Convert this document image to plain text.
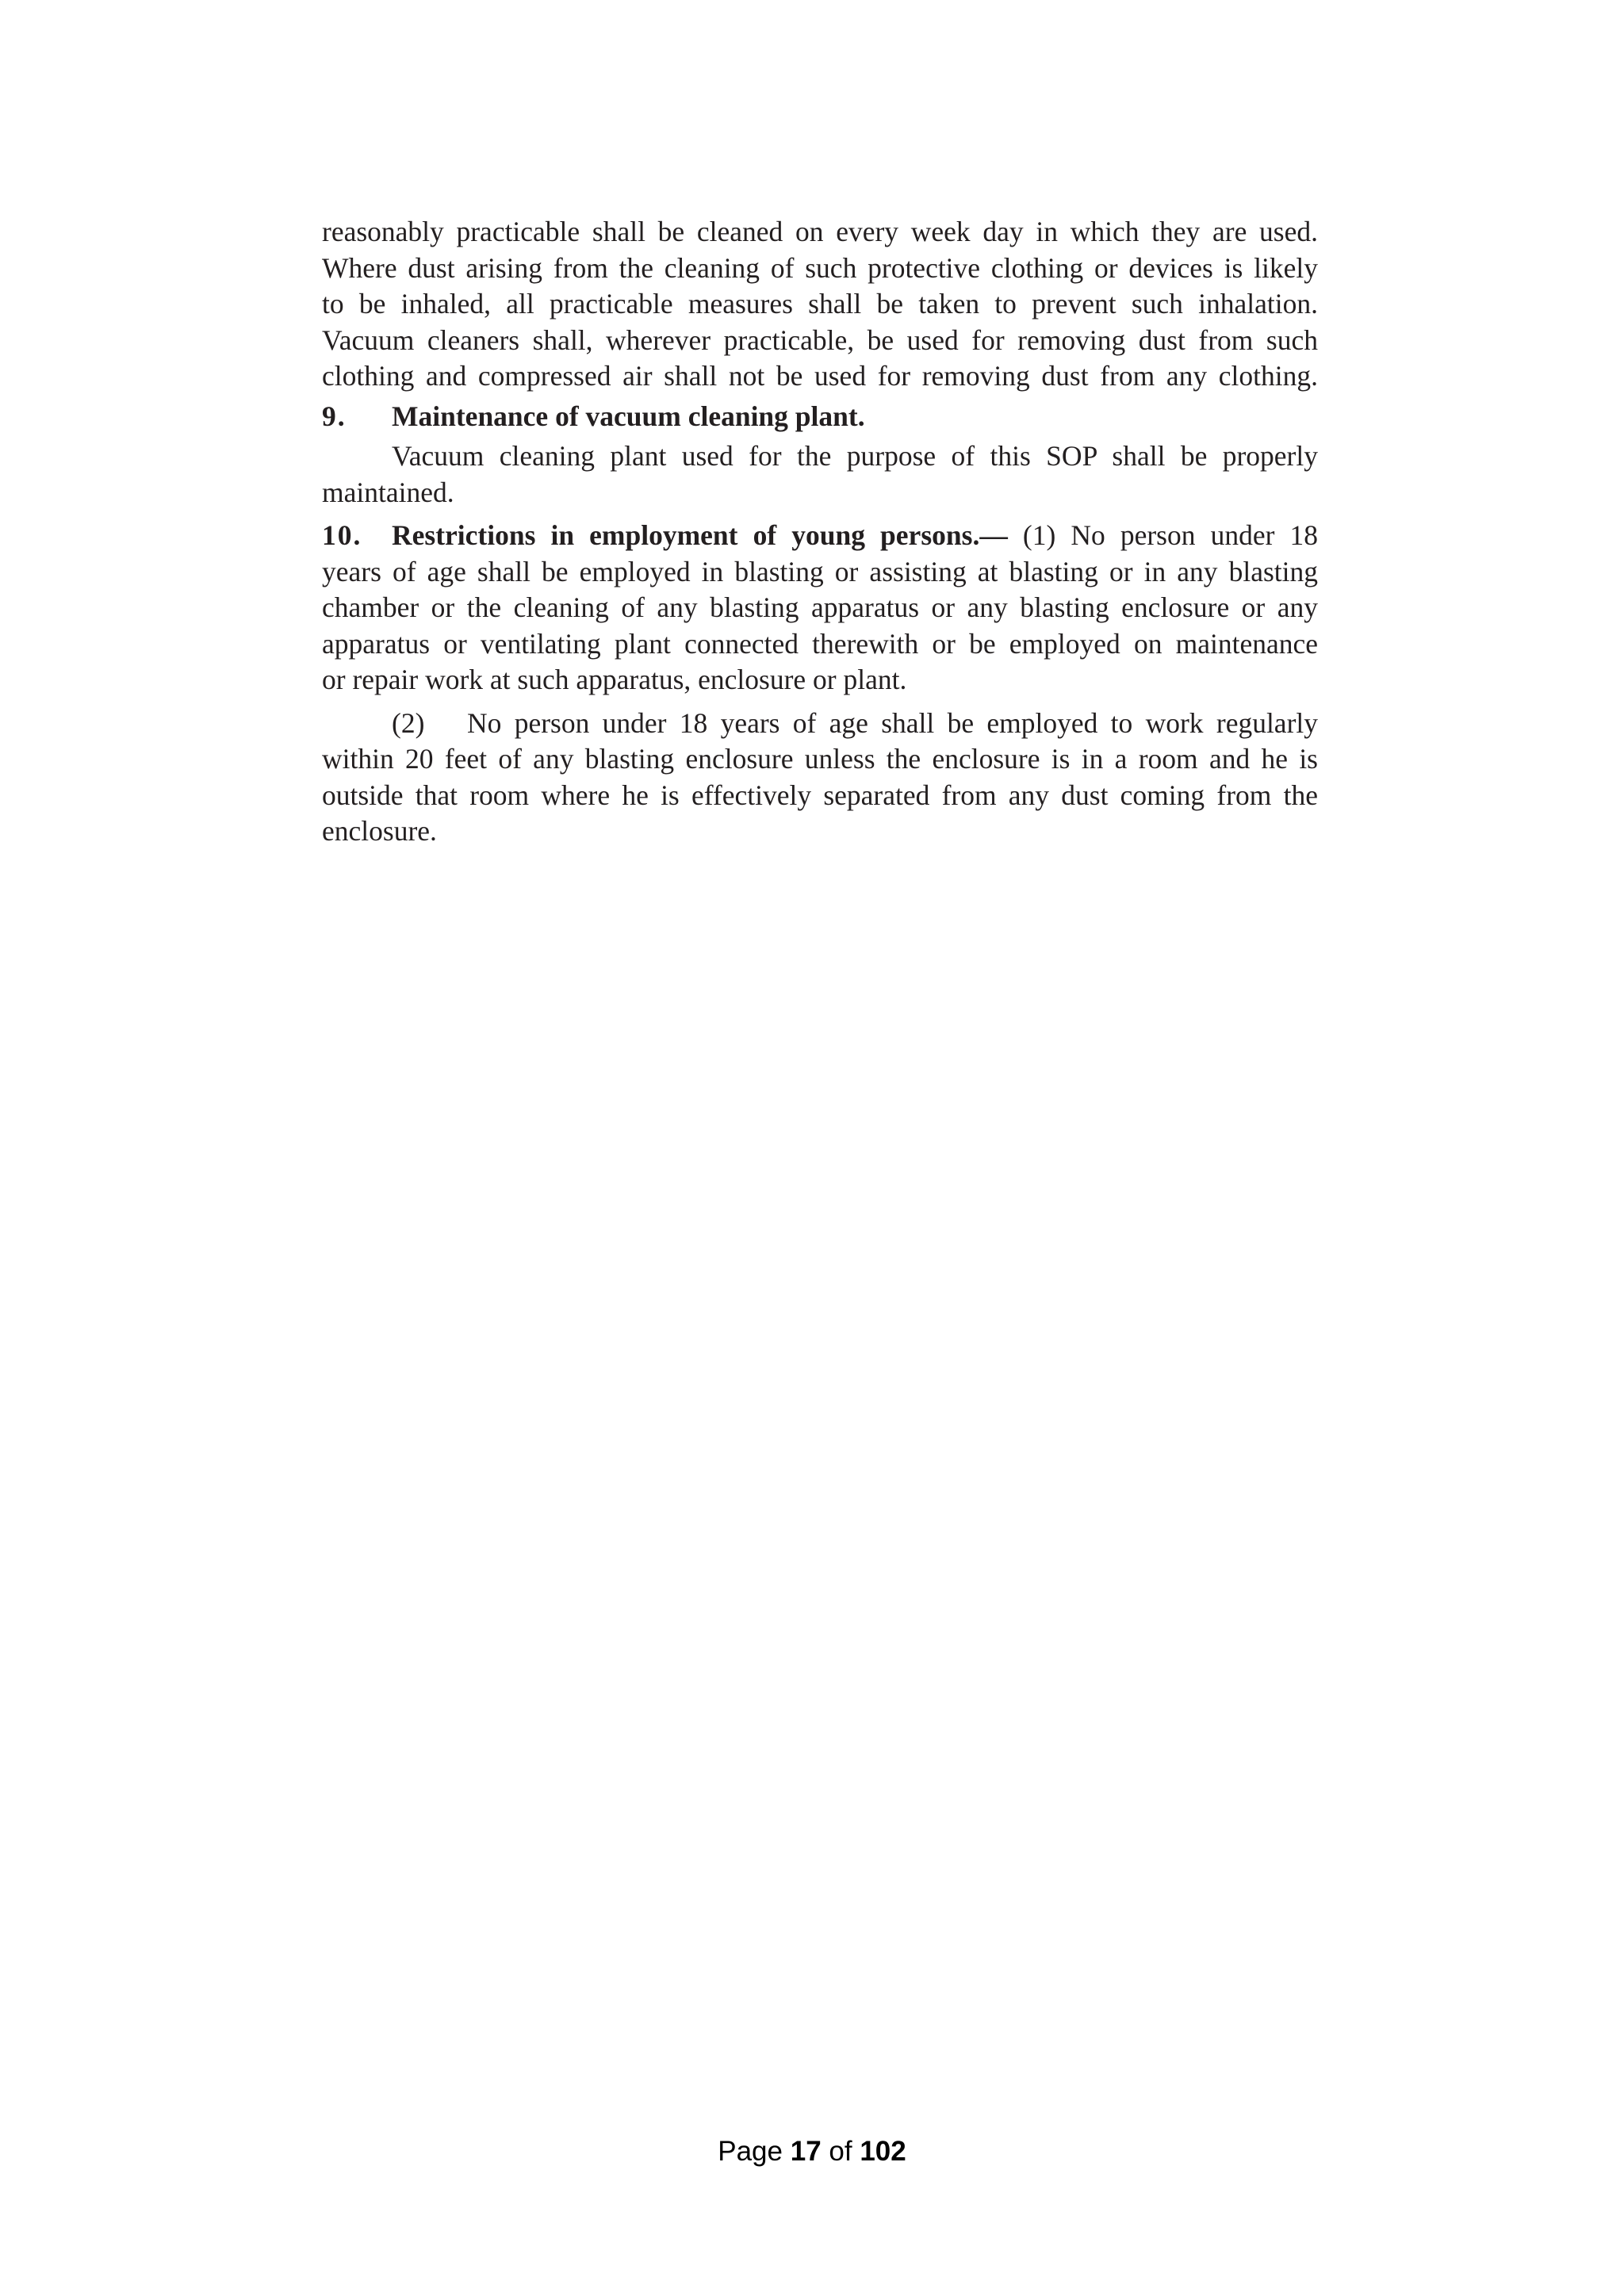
reasonably practicable shall be cleaned on every week day in which they are used.
Where dust arising from the cleaning of such protective clothing or devices is likely
to be inhaled, all practicable measures shall be taken to prevent such inhalation.
Vacuum cleaners shall, wherever practicable, be used for removing dust from such
clothing and compressed air shall not be used for removing dust from any clothing.
9.	Maintenance of vacuum cleaning plant.
Vacuum cleaning plant used for the purpose of this SOP shall be properly
maintained.
10. Restrictions in employment of young persons.— (1) No person under 18
years of age shall be employed in blasting or assisting at blasting or in any blasting
chamber or the cleaning of any blasting apparatus or any blasting enclosure or any
apparatus or ventilating plant connected therewith or be employed on maintenance
or repair work at such apparatus, enclosure or plant.
(2) No person under 18 years of age shall be employed to work regularly
within 20 feet of any blasting enclosure unless the enclosure is in a room and he is
outside that room where he is effectively separated from any dust coming from the
enclosure.
Page 17 of 102
